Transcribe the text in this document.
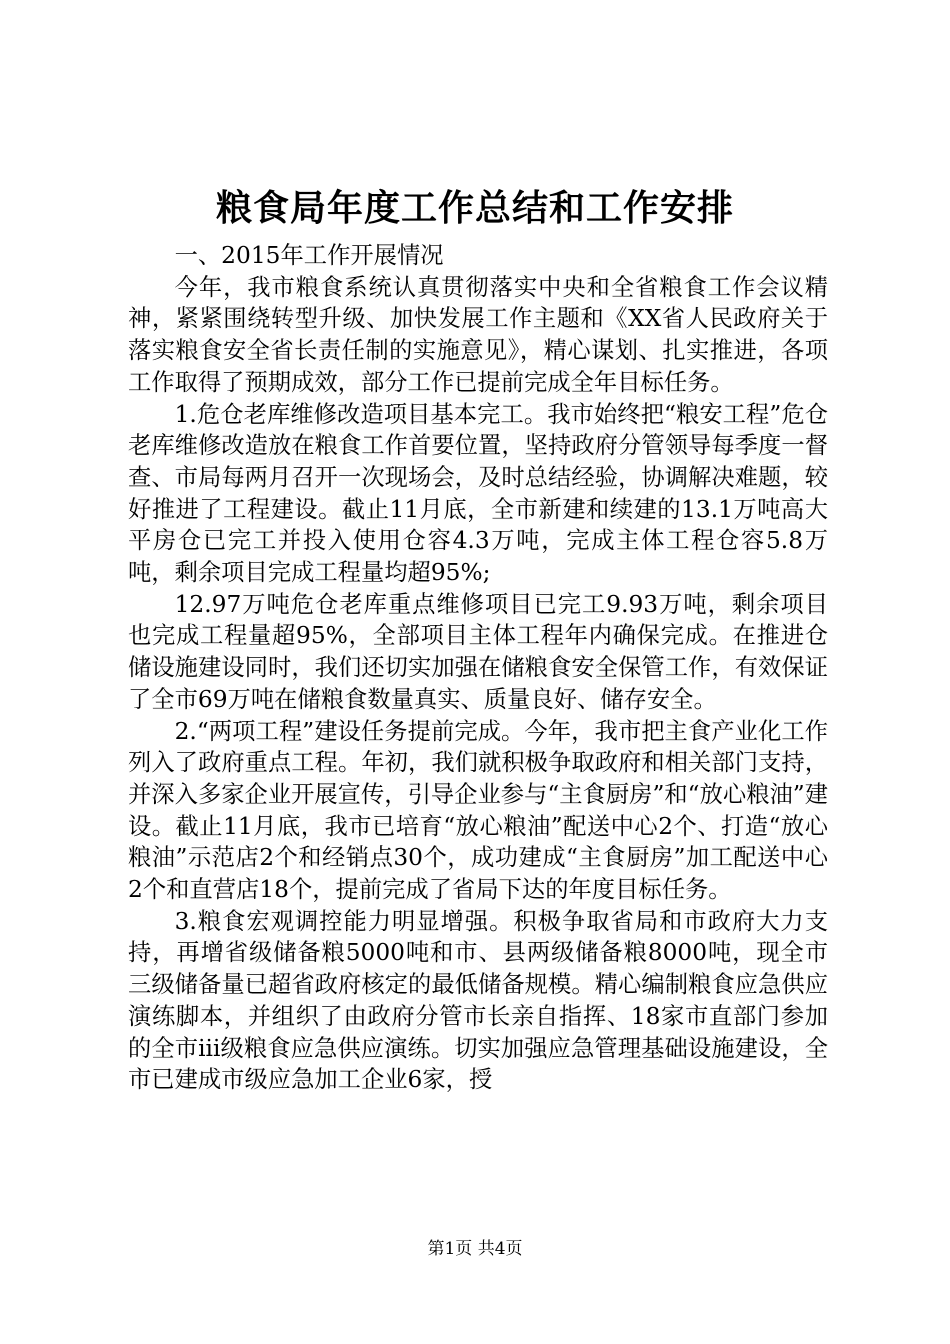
粮食局年度工作总结和工作安排

一、2015年工作开展情况

今年，我市粮食系统认真贯彻落实中央和全省粮食工作会议精神，紧紧围绕转型升级、加快发展工作主题和《XX省人民政府关于落实粮食安全省长责任制的实施意见》，精心谋划、扎实推进，各项工作取得了预期成效，部分工作已提前完成全年目标任务。

1.危仓老库维修改造项目基本完工。我市始终把“粮安工程”危仓老库维修改造放在粮食工作首要位置，坚持政府分管领导每季度一督查、市局每两月召开一次现场会，及时总结经验，协调解决难题，较好推进了工程建设。截止11月底，全市新建和续建的13.1万吨高大平房仓已完工并投入使用仓容4.3万吨，完成主体工程仓容5.8万吨，剩余项目完成工程量均超95%;

12.97万吨危仓老库重点维修项目已完工9.93万吨，剩余项目也完成工程量超95%，全部项目主体工程年内确保完成。在推进仓储设施建设同时，我们还切实加强在储粮食安全保管工作，有效保证了全市69万吨在储粮食数量真实、质量良好、储存安全。

2.“两项工程”建设任务提前完成。今年，我市把主食产业化工作列入了政府重点工程。年初，我们就积极争取政府和相关部门支持，并深入多家企业开展宣传，引导企业参与“主食厨房”和“放心粮油”建设。截止11月底，我市已培育“放心粮油”配送中心2个、打造“放心粮油”示范店2个和经销点30个，成功建成“主食厨房”加工配送中心2个和直营店18个，提前完成了省局下达的年度目标任务。

3.粮食宏观调控能力明显增强。积极争取省局和市政府大力支持，再增省级储备粮5000吨和市、县两级储备粮8000吨，现全市三级储备量已超省政府核定的最低储备规模。精心编制粮食应急供应演练脚本，并组织了由政府分管市长亲自指挥、18家市直部门参加的全市iii级粮食应急供应演练。切实加强应急管理基础设施建设，全市已建成市级应急加工企业6家，授

第1页 共4页
